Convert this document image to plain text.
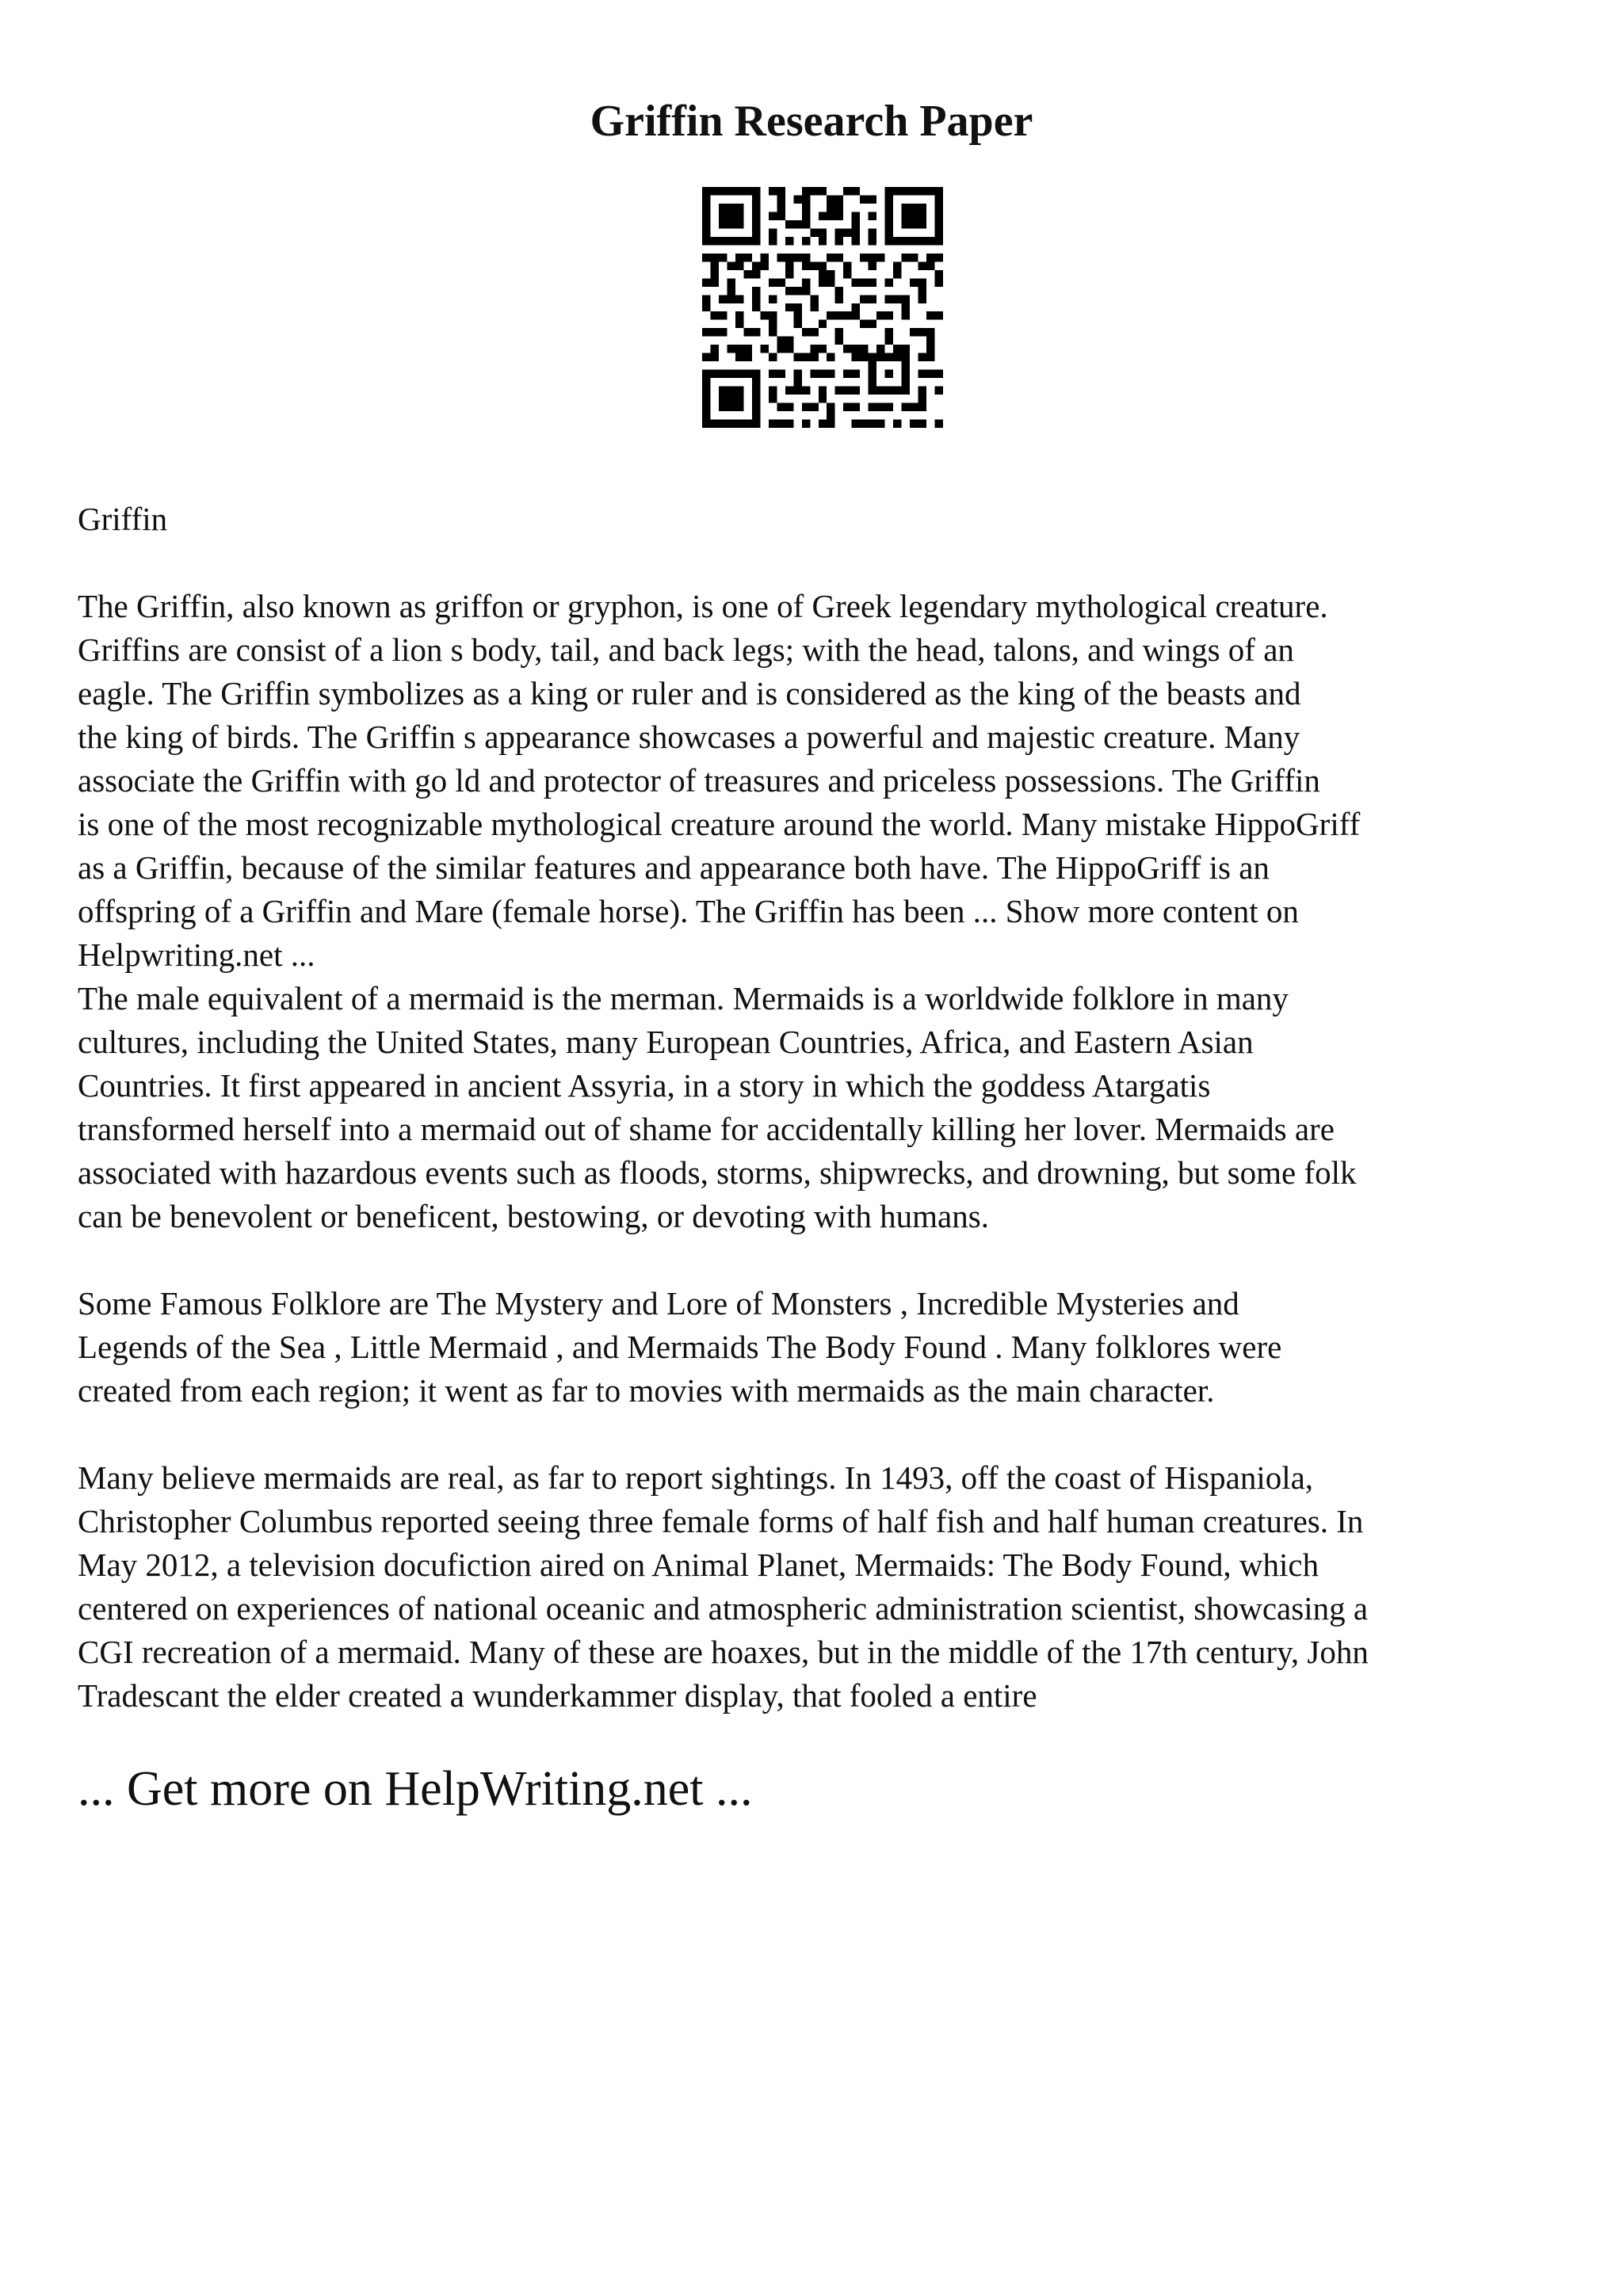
Griffin Research Paper

Griffin

The Griffin, also known as griffon or gryphon, is one of Greek legendary mythological creature.
Griffins are consist of a lion s body, tail, and back legs; with the head, talons, and wings of an
eagle. The Griffin symbolizes as a king or ruler and is considered as the king of the beasts and
the king of birds. The Griffin s appearance showcases a powerful and majestic creature. Many
associate the Griffin with go ld and protector of treasures and priceless possessions. The Griffin
is one of the most recognizable mythological creature around the world. Many mistake HippoGriff
as a Griffin, because of the similar features and appearance both have. The HippoGriff is an
offspring of a Griffin and Mare (female horse). The Griffin has been ... Show more content on
Helpwriting.net ...

The male equivalent of a mermaid is the merman. Mermaids is a worldwide folklore in many
cultures, including the United States, many European Countries, Africa, and Eastern Asian
Countries. It first appeared in ancient Assyria, in a story in which the goddess Atargatis
transformed herself into a mermaid out of shame for accidentally killing her lover. Mermaids are
associated with hazardous events such as floods, storms, shipwrecks, and drowning, but some folk
can be benevolent or beneficent, bestowing, or devoting with humans.

Some Famous Folklore are The Mystery and Lore of Monsters , Incredible Mysteries and
Legends of the Sea , Little Mermaid , and Mermaids The Body Found . Many folklores were
created from each region; it went as far to movies with mermaids as the main character.

Many believe mermaids are real, as far to report sightings. In 1493, off the coast of Hispaniola,
Christopher Columbus reported seeing three female forms of half fish and half human creatures. In
May 2012, a television docufiction aired on Animal Planet, Mermaids: The Body Found, which
centered on experiences of national oceanic and atmospheric administration scientist, showcasing a
CGI recreation of a mermaid. Many of these are hoaxes, but in the middle of the 17th century, John
Tradescant the elder created a wunderkammer display, that fooled a entire

... Get more on HelpWriting.net ...
